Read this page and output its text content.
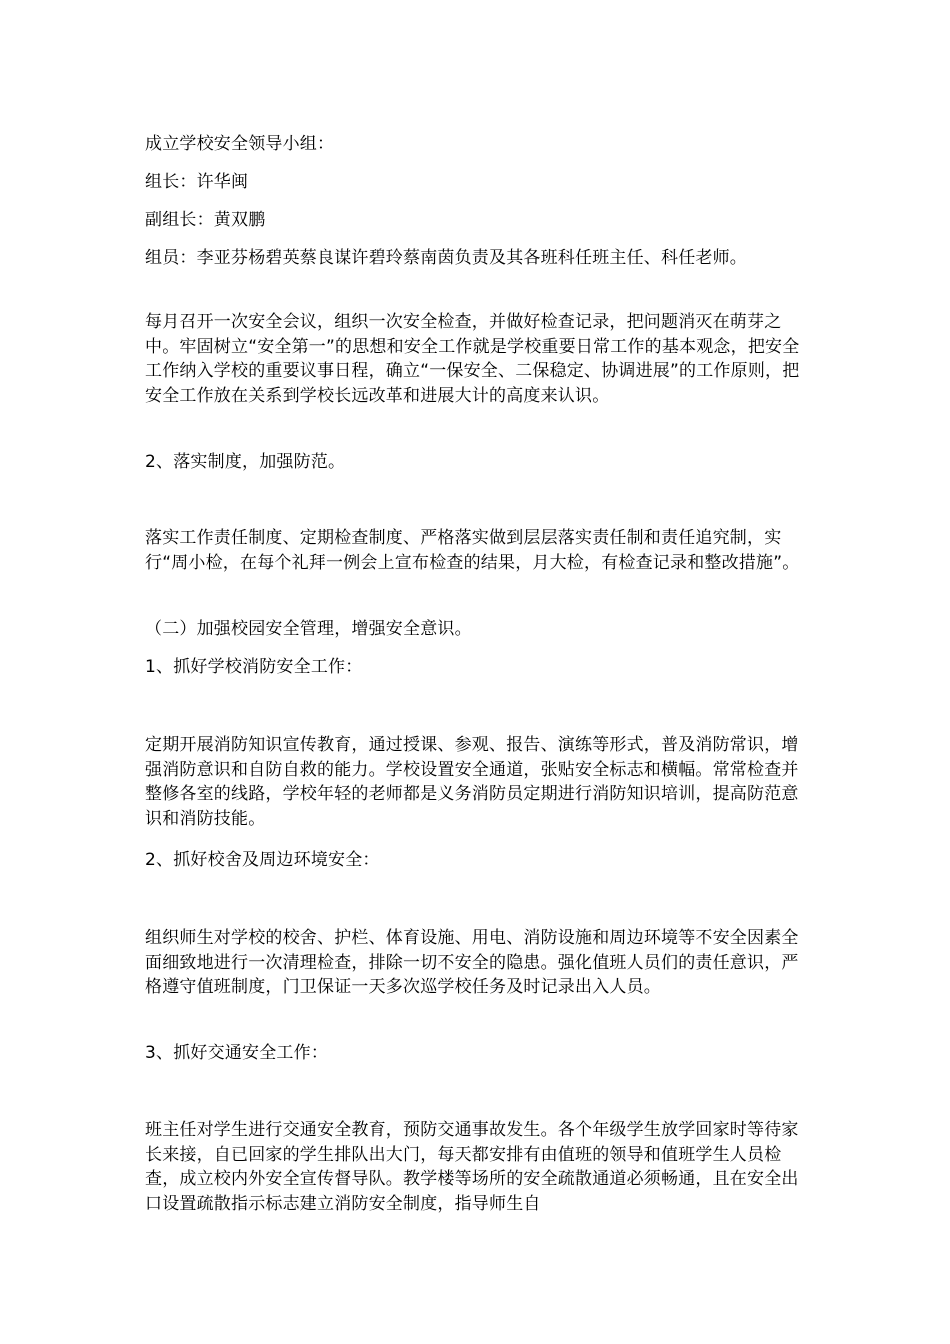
成立学校安全领导小组：

组长：许华闽

副组长：黄双鹏

组员：李亚芬杨碧英蔡良谋许碧玲蔡南茵负责及其各班科任班主任、科任老师。

每月召开一次安全会议，组织一次安全检查，并做好检查记录，把问题消灭在萌芽之中。牢固树立“安全第一”的思想和安全工作就是学校重要日常工作的基本观念，把安全工作纳入学校的重要议事日程，确立“一保安全、二保稳定、协调进展”的工作原则，把安全工作放在关系到学校长远改革和进展大计的高度来认识。

2、落实制度，加强防范。

落实工作责任制度、定期检查制度、严格落实做到层层落实责任制和责任追究制，实行“周小检，在每个礼拜一例会上宣布检查的结果，月大检，有检查记录和整改措施”。

（二）加强校园安全管理，增强安全意识。

1、抓好学校消防安全工作：

定期开展消防知识宣传教育，通过授课、参观、报告、演练等形式，普及消防常识，增强消防意识和自防自救的能力。学校设置安全通道，张贴安全标志和横幅。常常检查并整修各室的线路，学校年轻的老师都是义务消防员定期进行消防知识培训，提高防范意识和消防技能。

2、抓好校舍及周边环境安全：

组织师生对学校的校舍、护栏、体育设施、用电、消防设施和周边环境等不安全因素全面细致地进行一次清理检查，排除一切不安全的隐患。强化值班人员们的责任意识，严格遵守值班制度，门卫保证一天多次巡学校任务及时记录出入人员。

3、抓好交通安全工作：

班主任对学生进行交通安全教育，预防交通事故发生。各个年级学生放学回家时等待家长来接，自已回家的学生排队出大门，每天都安排有由值班的领导和值班学生人员检查，成立校内外安全宣传督导队。教学楼等场所的安全疏散通道必须畅通，且在安全出口设置疏散指示标志建立消防安全制度，指导师生自
